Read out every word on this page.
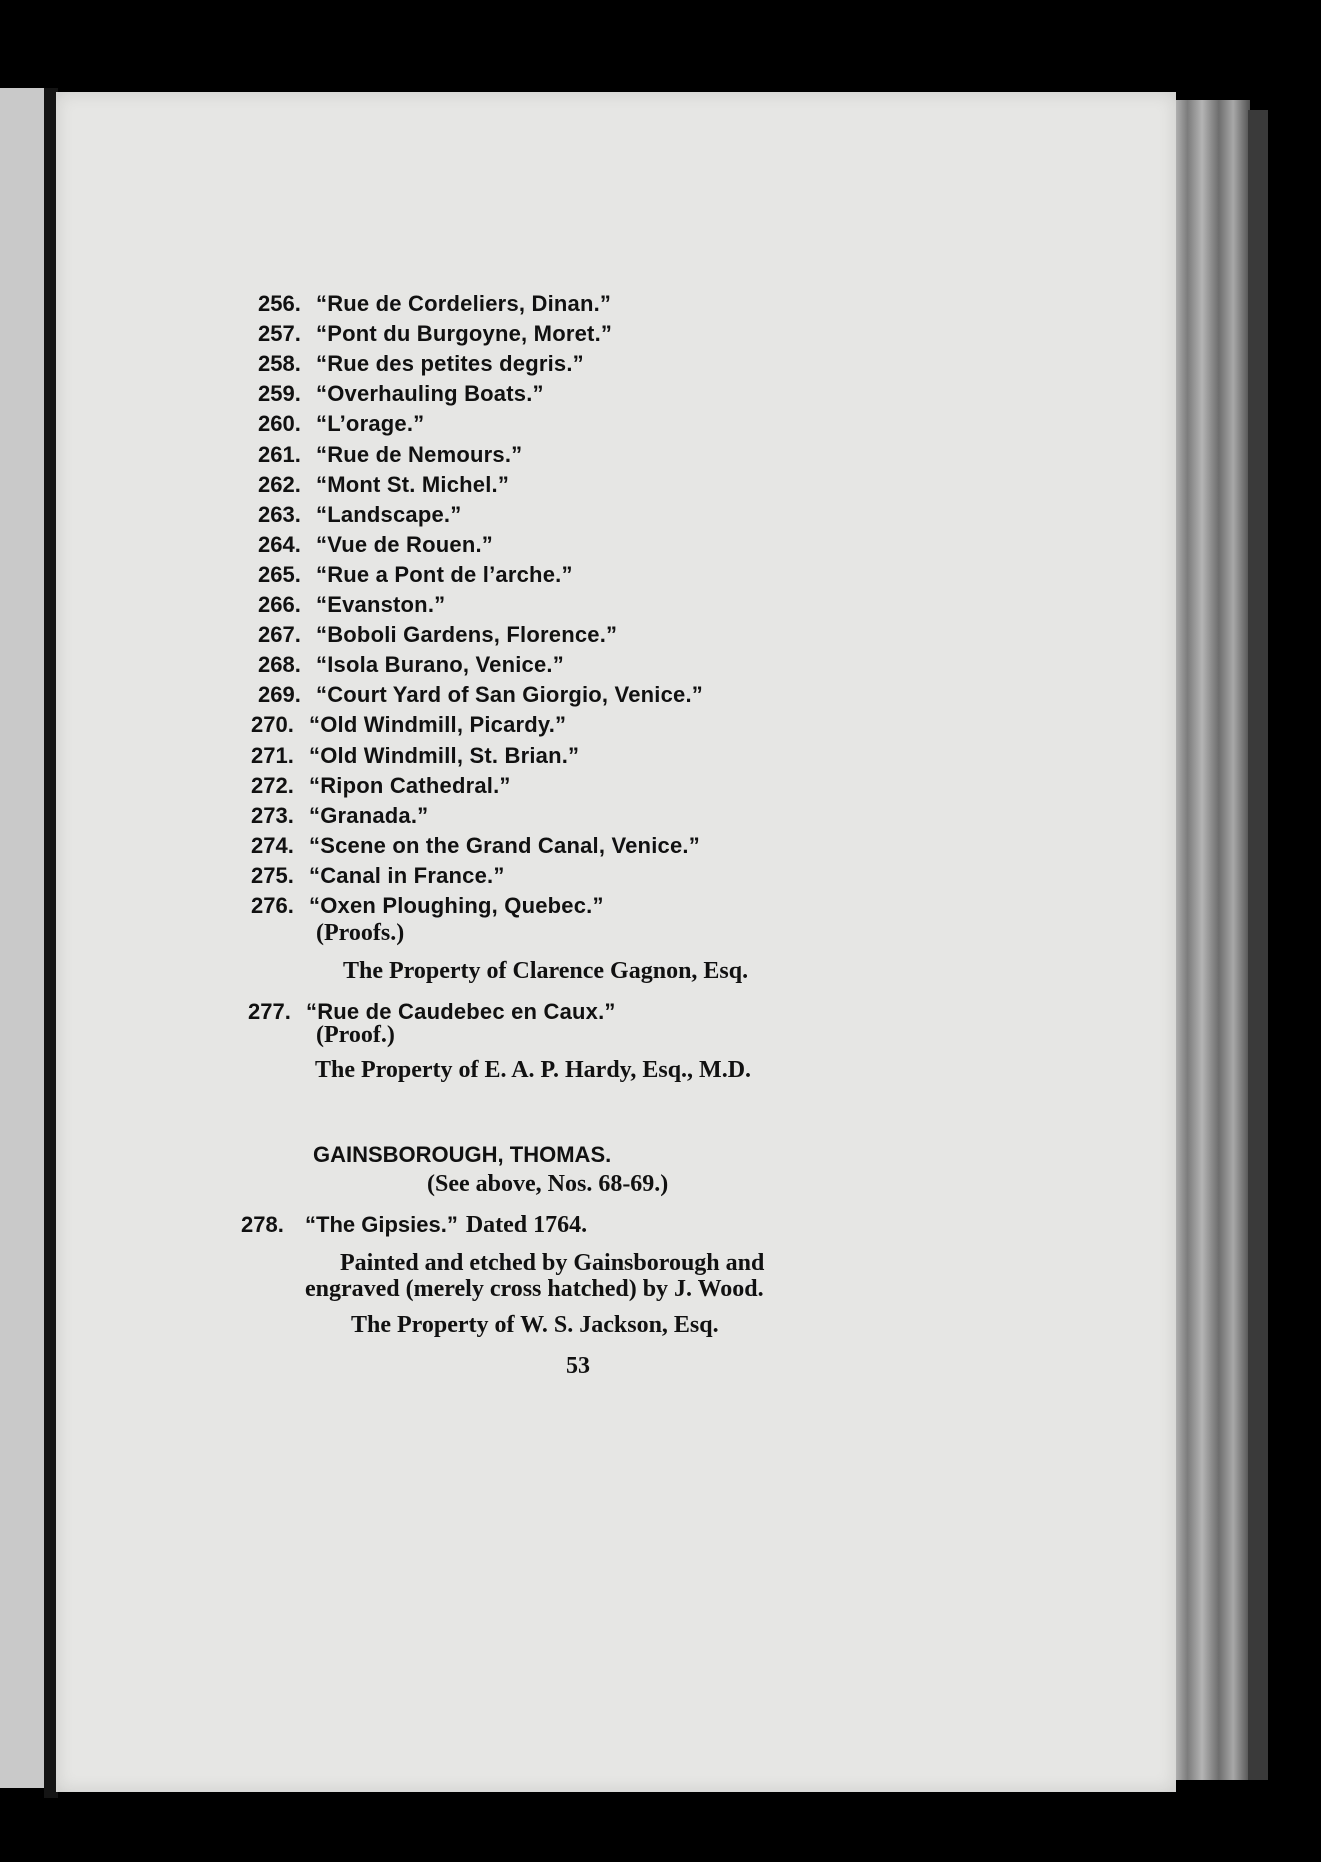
256. “Rue de Cordeliers, Dinan.”
257. “Pont du Burgoyne, Moret.”
258. “Rue des petites degris.”
259. “Overhauling Boats.”
260. “L’orage.”
261. “Rue de Nemours.”
262. “Mont St. Michel.”
263. “Landscape.”
264. “Vue de Rouen.”
265. “Rue a Pont de l’arche.”
266. “Evanston.”
267. “Boboli Gardens, Florence.”
268. “Isola Burano, Venice.”
269. “Court Yard of San Giorgio, Venice.”
270. “Old Windmill, Picardy.”
271. “Old Windmill, St. Brian.”
272. “Ripon Cathedral.”
273. “Granada.”
274. “Scene on the Grand Canal, Venice.”
275. “Canal in France.”
276. “Oxen Ploughing, Quebec.”
(Proofs.)
The Property of Clarence Gagnon, Esq.
277. “Rue de Caudebec en Caux.”
(Proof.)
The Property of E. A. P. Hardy, Esq., M.D.
GAINSBOROUGH, THOMAS.
(See above, Nos. 68-69.)
278. “The Gipsies.” Dated 1764.
Painted and etched by Gainsborough and
engraved (merely cross hatched) by J. Wood.
The Property of W. S. Jackson, Esq.
53
